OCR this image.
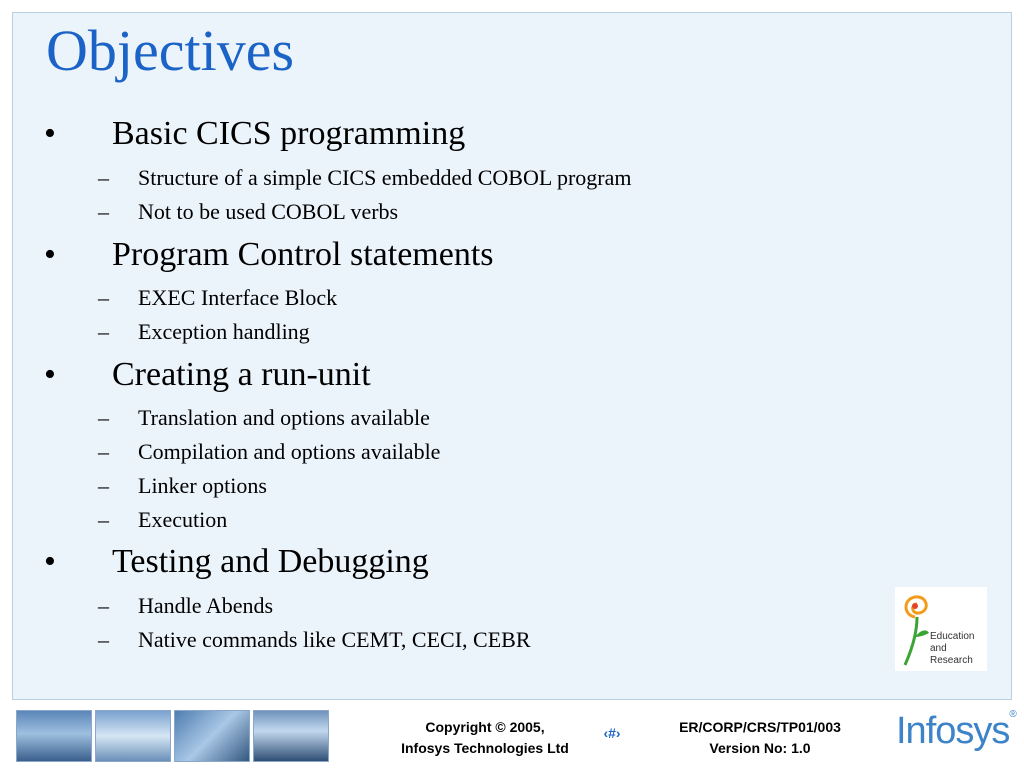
Objectives
• Basic CICS programming
– Structure of a simple CICS embedded COBOL program
– Not to be used COBOL verbs
• Program Control statements
– EXEC Interface Block
– Exception handling
• Creating a run-unit
– Translation and options available
– Compilation and options available
– Linker options
– Execution
• Testing and Debugging
– Handle Abends
– Native commands like CEMT, CECI, CEBR	Education
and
Research
Copyright © 2005,
Infosys Technologies Ltd
‹#›	ER/CORP/CRS/TP01/003
Version No: 1.0	Infosys®
